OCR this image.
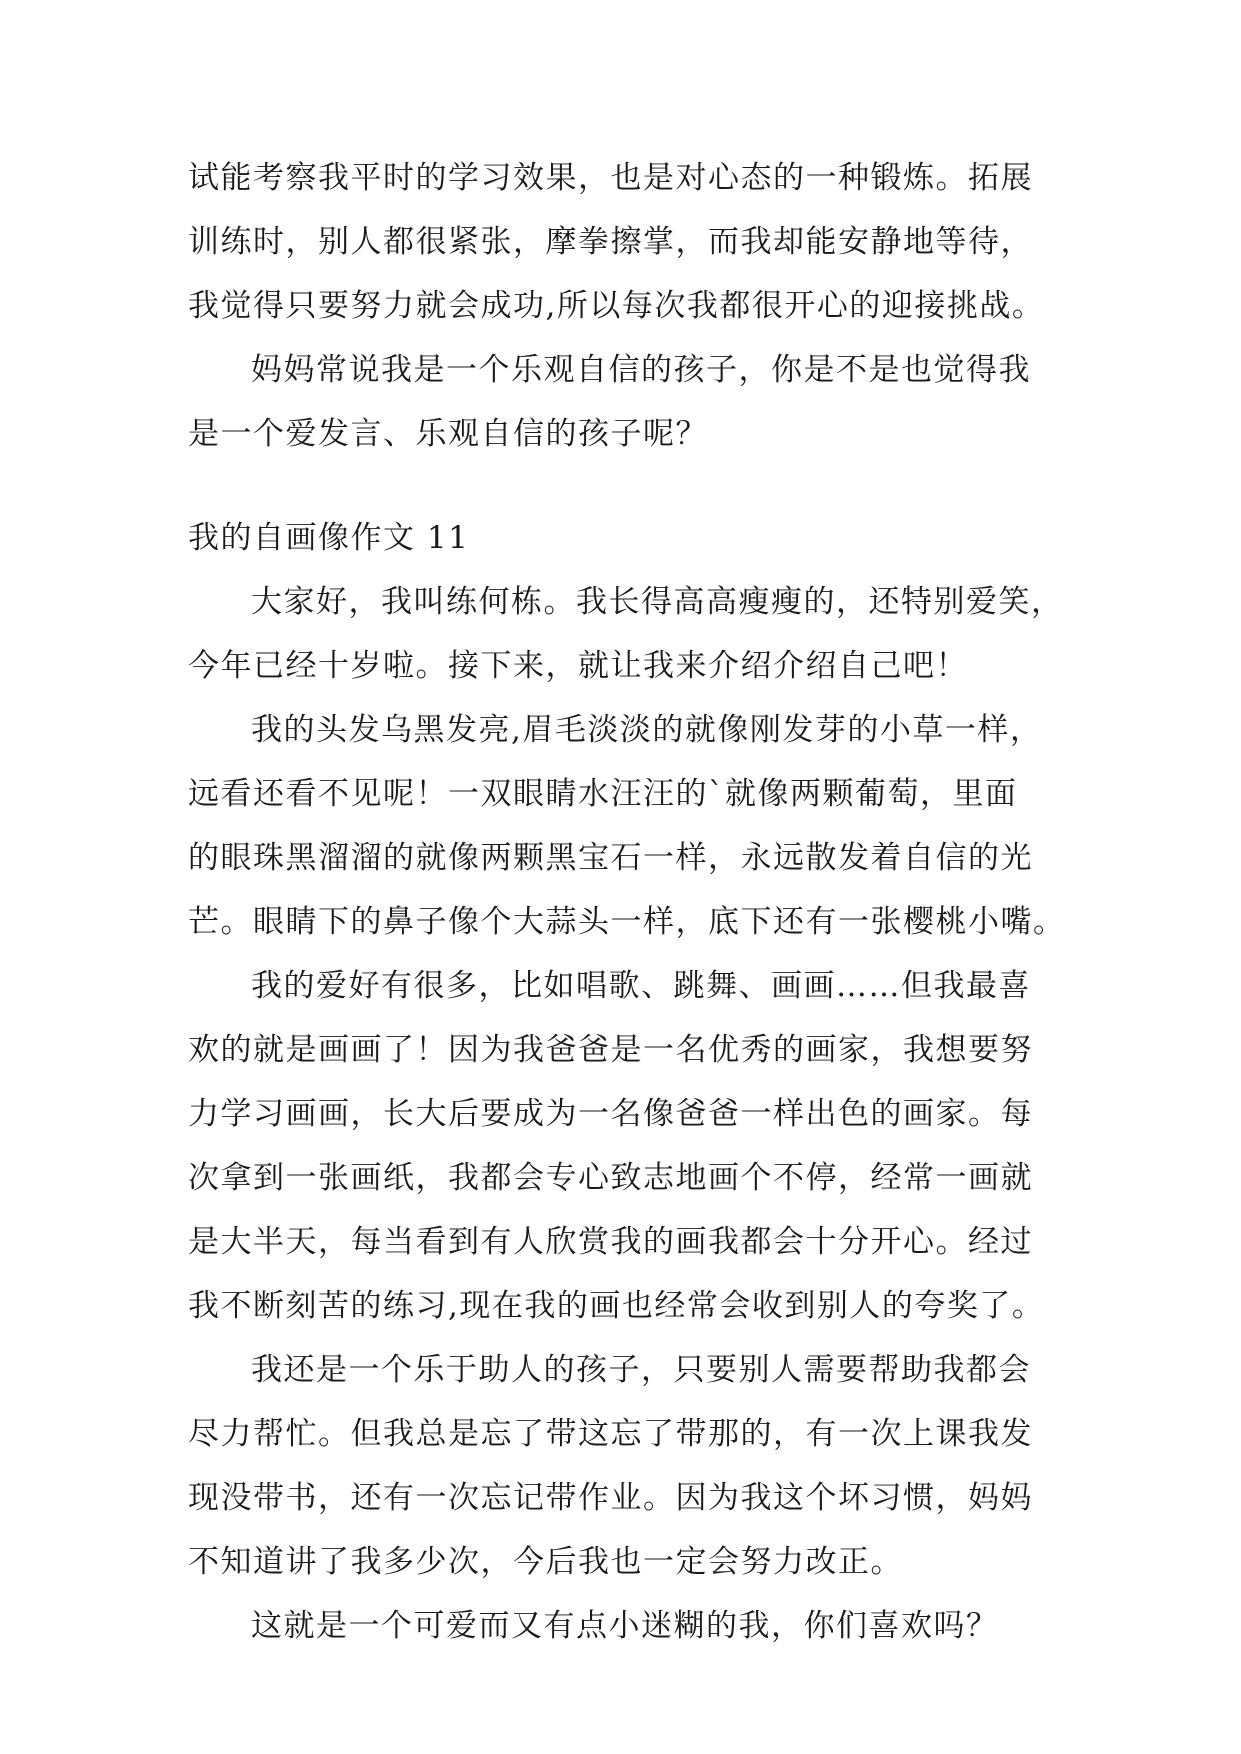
试能考察我平时的学习效果，也是对心态的一种锻炼。拓展
训练时，别人都很紧张，摩拳擦掌，而我却能安静地等待，
我觉得只要努力就会成功,所以每次我都很开心的迎接挑战。
妈妈常说我是一个乐观自信的孩子，你是不是也觉得我
是一个爱发言、乐观自信的孩子呢？
我的自画像作文 11
大家好，我叫练何栋。我长得高高瘦瘦的，还特别爱笑，
今年已经十岁啦。接下来，就让我来介绍介绍自己吧！
我的头发乌黑发亮,眉毛淡淡的就像刚发芽的小草一样，
远看还看不见呢！一双眼睛水汪汪的`就像两颗葡萄，里面
的眼珠黑溜溜的就像两颗黑宝石一样，永远散发着自信的光
芒。眼睛下的鼻子像个大蒜头一样，底下还有一张樱桃小嘴。
我的爱好有很多，比如唱歌、跳舞、画画……但我最喜
欢的就是画画了！因为我爸爸是一名优秀的画家，我想要努
力学习画画，长大后要成为一名像爸爸一样出色的画家。每
次拿到一张画纸，我都会专心致志地画个不停，经常一画就
是大半天，每当看到有人欣赏我的画我都会十分开心。经过
我不断刻苦的练习,现在我的画也经常会收到别人的夸奖了。
我还是一个乐于助人的孩子，只要别人需要帮助我都会
尽力帮忙。但我总是忘了带这忘了带那的，有一次上课我发
现没带书，还有一次忘记带作业。因为我这个坏习惯，妈妈
不知道讲了我多少次，今后我也一定会努力改正。
这就是一个可爱而又有点小迷糊的我，你们喜欢吗？
